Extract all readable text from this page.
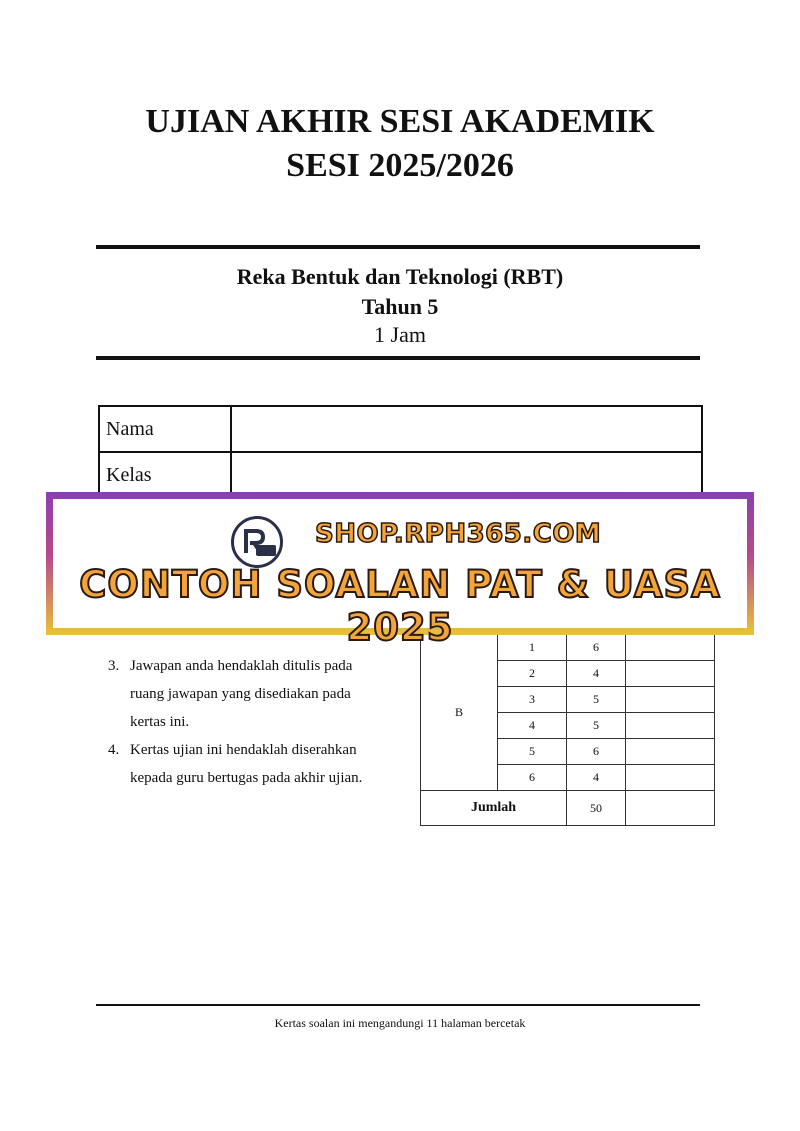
UJIAN AKHIR SESI AKADEMIK
SESI 2025/2026
Reka Bentuk dan Teknologi (RBT)
Tahun 5
1 Jam
Nama	
Kelas	
3. Jawapan anda hendaklah ditulis pada
ruang jawapan yang disediakan pada
kertas ini.
4. Kertas ujian ini hendaklah diserahkan
kepada guru bertugas pada akhir ujian.
B	1	6	
	2	4	
	3	5	
	4	5	
	5	6	
	6	4	
Jumlah		50	
SHOP.RPH365.COM
CONTOH SOALAN PAT & UASA 2025
Kertas soalan ini mengandungi 11 halaman bercetak
